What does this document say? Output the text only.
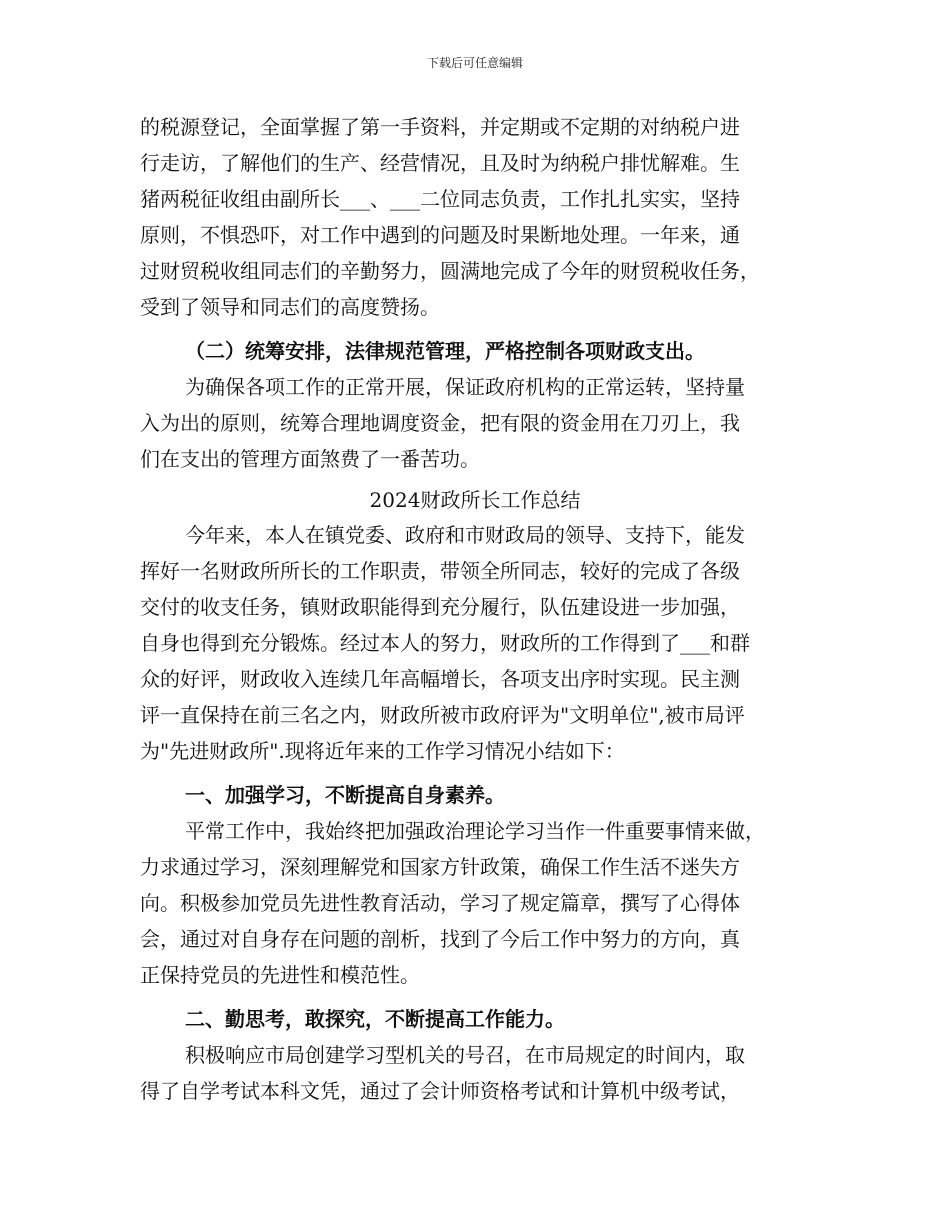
下载后可任意编辑
的税源登记，全面掌握了第一手资料，并定期或不定期的对纳税户进
行走访，了解他们的生产、经营情况，且及时为纳税户排忧解难。生
猪两税征收组由副所长___、___二位同志负责，工作扎扎实实，坚持
原则，不惧恐吓，对工作中遇到的问题及时果断地处理。一年来，通
过财贸税收组同志们的辛勤努力，圆满地完成了今年的财贸税收任务，
受到了领导和同志们的高度赞扬。
（二）统筹安排，法律规范管理，严格控制各项财政支出。
为确保各项工作的正常开展，保证政府机构的正常运转，坚持量
入为出的原则，统筹合理地调度资金，把有限的资金用在刀刃上，我
们在支出的管理方面煞费了一番苦功。
2024财政所长工作总结
今年来，本人在镇党委、政府和市财政局的领导、支持下，能发
挥好一名财政所所长的工作职责，带领全所同志，较好的完成了各级
交付的收支任务，镇财政职能得到充分履行，队伍建设进一步加强，
自身也得到充分锻炼。经过本人的努力，财政所的工作得到了___和群
众的好评，财政收入连续几年高幅增长，各项支出序时实现。民主测
评一直保持在前三名之内，财政所被市政府评为"文明单位",被市局评
为"先进财政所".现将近年来的工作学习情况小结如下：
一、加强学习，不断提高自身素养。
平常工作中，我始终把加强政治理论学习当作一件重要事情来做，
力求通过学习，深刻理解党和国家方针政策，确保工作生活不迷失方
向。积极参加党员先进性教育活动，学习了规定篇章，撰写了心得体
会，通过对自身存在问题的剖析，找到了今后工作中努力的方向，真
正保持党员的先进性和模范性。
二、勤思考，敢探究，不断提高工作能力。
积极响应市局创建学习型机关的号召，在市局规定的时间内，取
得了自学考试本科文凭，通过了会计师资格考试和计算机中级考试，
